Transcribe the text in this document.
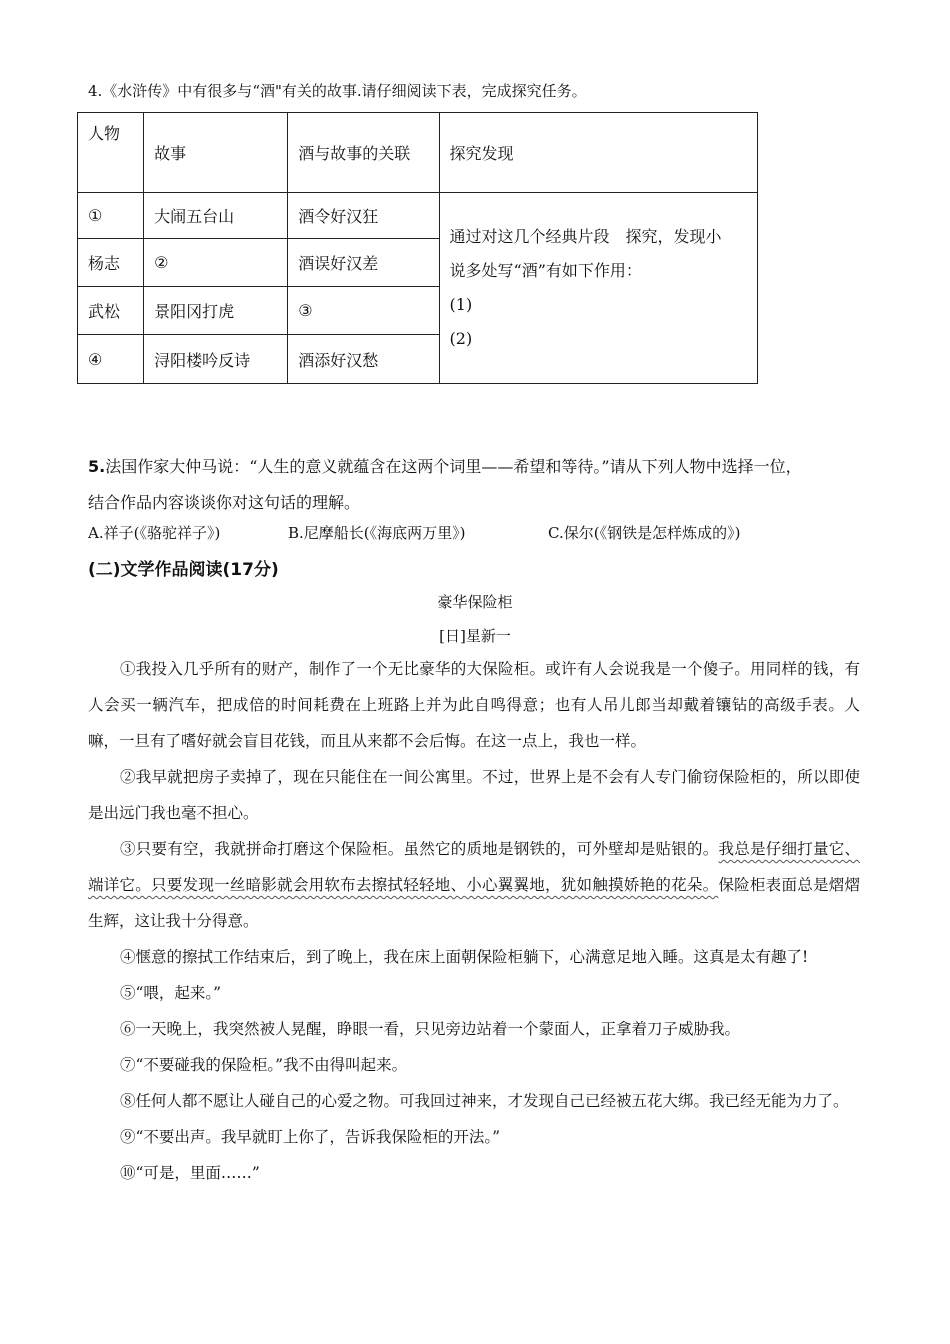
4.《水浒传》中有很多与“酒"有关的故事.请仔细阅读下表，完成探究任务。
人物	故事	酒与故事的关联	探究发现
①	大闹五台山	酒令好汉狂	通过对这几个经典片段　探究，发现小
说多处写“酒”有如下作用：
(1)
(2)

杨志	②	酒误好汉差	
武松	景阳冈打虎	③	
④	浔阳楼吟反诗	酒添好汉愁	
5.法国作家大仲马说：“人生的意义就蕴含在这两个词里——希望和等待。”请从下列人物中选择一位，
结合作品内容谈谈你对这句话的理解。
A.祥子(《骆驼祥子》)	B.尼摩船长(《海底两万里》)	C.保尔(《钢铁是怎样炼成的》)
(二)文学作品阅读(17分)
豪华保险柜
[日]星新一

①我投入几乎所有的财产，制作了一个无比豪华的大保险柜。或许有人会说我是一个傻子。用同样的钱，有人会买一辆汽车，把成倍的时间耗费在上班路上并为此自鸣得意；也有人吊儿郎当却戴着镶钻的高级手表。人嘛，一旦有了嗜好就会盲目花钱，而且从来都不会后悔。在这一点上，我也一样。

②我早就把房子卖掉了，现在只能住在一间公寓里。不过，世界上是不会有人专门偷窃保险柜的，所以即使是出远门我也毫不担心。

③只要有空，我就拼命打磨这个保险柜。虽然它的质地是钢铁的，可外壁却是贴银的。我总是仔细打量它、端详它。只要发现一丝暗影就会用软布去擦拭轻轻地、小心翼翼地，犹如触摸娇艳的花朵。保险柜表面总是熠熠生辉，这让我十分得意。

④惬意的擦拭工作结束后，到了晚上，我在床上面朝保险柜躺下，心满意足地入睡。这真是太有趣了!

⑤“喂，起来。”

⑥一天晚上，我突然被人晃醒，睁眼一看，只见旁边站着一个蒙面人，正拿着刀子威胁我。

⑦“不要碰我的保险柜。”我不由得叫起来。

⑧任何人都不愿让人碰自己的心爱之物。可我回过神来，才发现自己已经被五花大绑。我已经无能为力了。

⑨“不要出声。我早就盯上你了，告诉我保险柜的开法。”

⑩“可是，里面……”
